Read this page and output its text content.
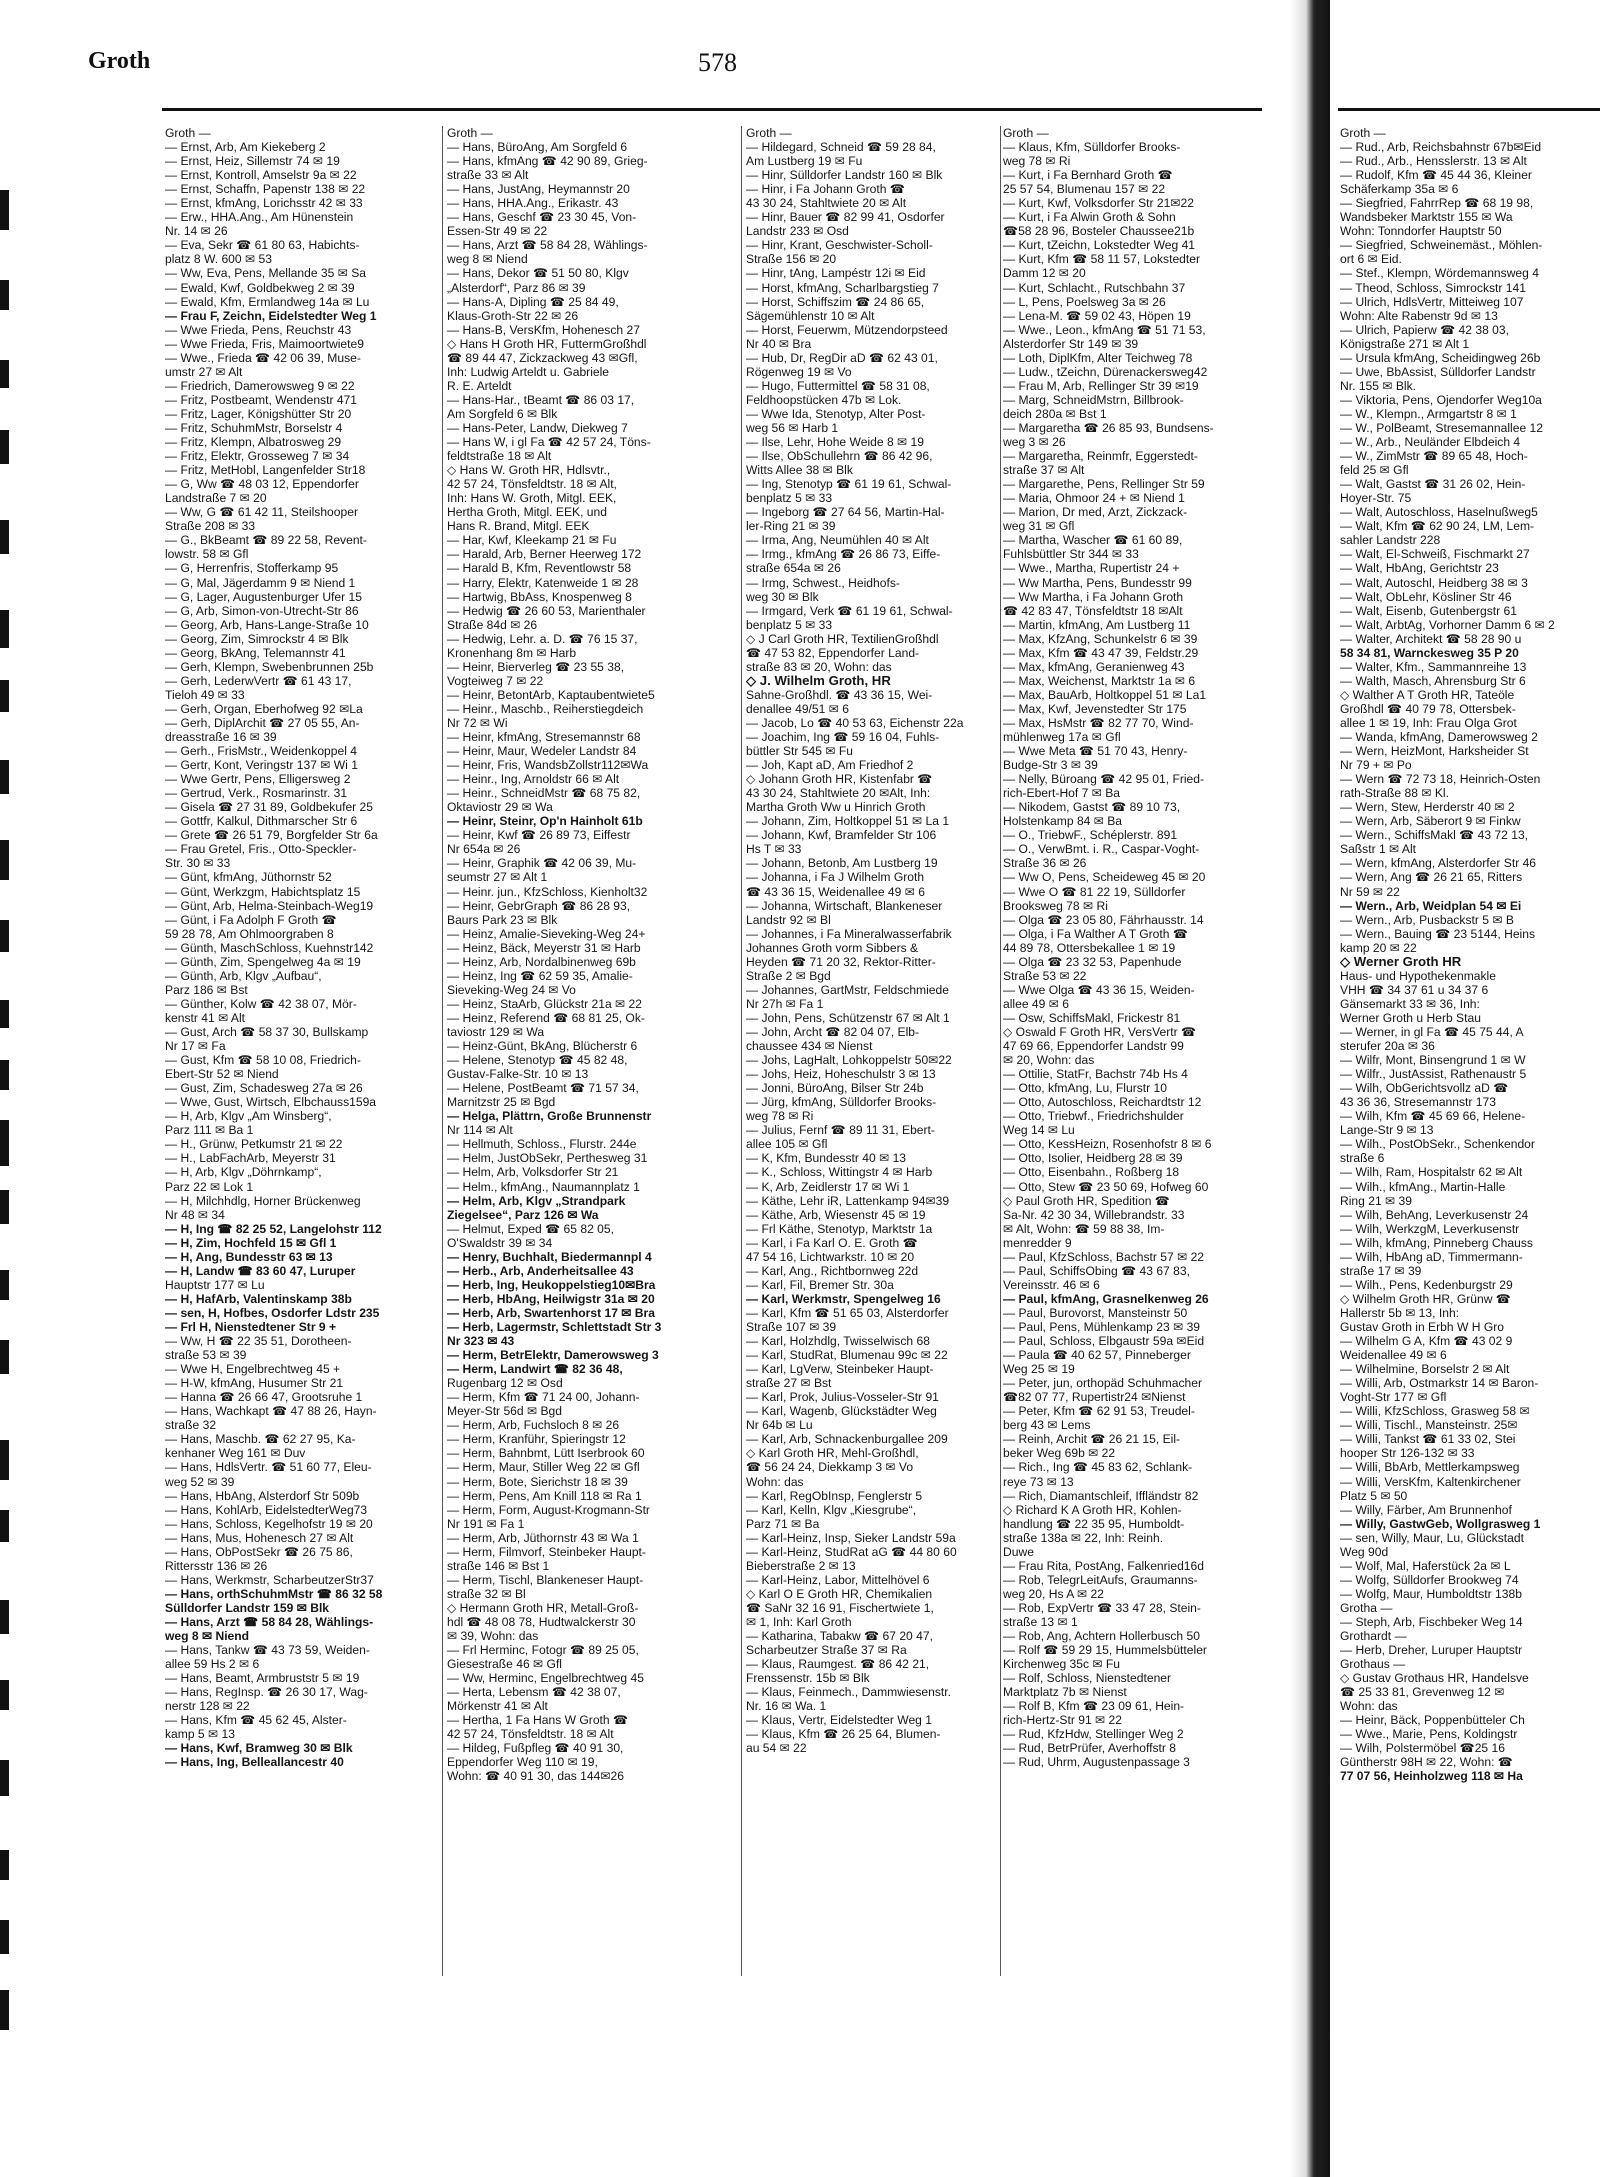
Groth	578
Groth —
— Ernst, Arb, Am Kiekeberg 2
— Ernst, Heiz, Sillemstr 74 ✉ 19
— Ernst, Kontroll, Amselstr 9a ✉ 22
— Ernst, Schaffn, Papenstr 138 ✉ 22
— Ernst, kfmAng, Lorichsstr 42 ✉ 33
— Erw., HHA.Ang., Am Hünenstein
Nr. 14 ✉ 26
— Eva, Sekr ☎ 61 80 63, Habichts-
platz 8 W. 600 ✉ 53
— Ww, Eva, Pens, Mellande 35 ✉ Sa
— Ewald, Kwf, Goldbekweg 2 ✉ 39
— Ewald, Kfm, Ermlandweg 14a ✉ Lu
— Frau F, Zeichn, Eidelstedter Weg 1
— Wwe Frieda, Pens, Reuchstr 43
— Wwe Frieda, Fris, Maimoortwiete9
— Wwe., Frieda ☎ 42 06 39, Muse-
umstr 27 ✉ Alt
— Friedrich, Damerowsweg 9 ✉ 22
— Fritz, Postbeamt, Wendenstr 471
— Fritz, Lager, Königshütter Str 20
— Fritz, SchuhmMstr, Borselstr 4
— Fritz, Klempn, Albatrosweg 29
— Fritz, Elektr, Grosseweg 7 ✉ 34
— Fritz, MetHobl, Langenfelder Str18
— G, Ww ☎ 48 03 12, Eppendorfer
Landstraße 7 ✉ 20
— Ww, G ☎ 61 42 11, Steilshooper
Straße 208 ✉ 33
— G., BkBeamt ☎ 89 22 58, Revent-
lowstr. 58 ✉ Gfl
— G, Herrenfris, Stofferkamp 95
— G, Mal, Jägerdamm 9 ✉ Niend 1
— G, Lager, Augustenburger Ufer 15
— G, Arb, Simon-von-Utrecht-Str 86
— Georg, Arb, Hans-Lange-Straße 10
— Georg, Zim, Simrockstr 4 ✉ Blk
— Georg, BkAng, Telemannstr 41
— Gerh, Klempn, Swebenbrunnen 25b
— Gerh, LederwVertr ☎ 61 43 17,
Tieloh 49 ✉ 33
— Gerh, Organ, Eberhofweg 92 ✉La
— Gerh, DiplArchit ☎ 27 05 55, An-
dreasstraße 16 ✉ 39
— Gerh., FrisMstr., Weidenkoppel 4
— Gertr, Kont, Veringstr 137 ✉ Wi 1
— Wwe Gertr, Pens, Elligersweg 2
— Gertrud, Verk., Rosmarinstr. 31
— Gisela ☎ 27 31 89, Goldbekufer 25
— Gottfr, Kalkul, Dithmarscher Str 6
— Grete ☎ 26 51 79, Borgfelder Str 6a
— Frau Gretel, Fris., Otto-Speckler-
Str. 30 ✉ 33
— Günt, kfmAng, Jüthornstr 52
— Günt, Werkzgm, Habichtsplatz 15
— Günt, Arb, Helma-Steinbach-Weg19
— Günt, i Fa Adolph F Groth ☎
59 28 78, Am Ohlmoorgraben 8
— Günth, MaschSchloss, Kuehnstr142
— Günth, Zim, Spengelweg 4a ✉ 19
— Günth, Arb, Klgv „Aufbau“,
Parz 186 ✉ Bst
— Günther, Kolw ☎ 42 38 07, Mör-
kenstr 41 ✉ Alt
— Gust, Arch ☎ 58 37 30, Bullskamp
Nr 17 ✉ Fa
— Gust, Kfm ☎ 58 10 08, Friedrich-
Ebert-Str 52 ✉ Niend
— Gust, Zim, Schadesweg 27a ✉ 26
— Wwe, Gust, Wirtsch, Elbchauss159a
— H, Arb, Klgv „Am Winsberg“,
Parz 111 ✉ Ba 1
— H., Grünw, Petkumstr 21 ✉ 22
— H., LabFachArb, Meyerstr 31
— H, Arb, Klgv „Döhrnkamp“,
Parz 22 ✉ Lok 1
— H, Milchhdlg, Horner Brückenweg
Nr 48 ✉ 34
— H, Ing ☎ 82 25 52, Langelohstr 112
— H, Zim, Hochfeld 15 ✉ Gfl 1
— H, Ang, Bundesstr 63 ✉ 13
— H, Landw ☎ 83 60 47, Luruper
Hauptstr 177 ✉ Lu
— H, HafArb, Valentinskamp 38b
— sen, H, Hofbes, Osdorfer Ldstr 235
— Frl H, Nienstedtener Str 9 +
— Ww, H ☎ 22 35 51, Dorotheen-
straße 53 ✉ 39
— Wwe H, Engelbrechtweg 45 +
— H-W, kfmAng, Husumer Str 21
— Hanna ☎ 26 66 47, Grootsruhe 1
— Hans, Wachkapt ☎ 47 88 26, Hayn-
straße 32
— Hans, Maschb. ☎ 62 27 95, Ka-
kenhaner Weg 161 ✉ Duv
— Hans, HdlsVertr. ☎ 51 60 77, Eleu-
weg 52 ✉ 39
— Hans, HbAng, Alsterdorf Str 509b
— Hans, KohlArb, EidelstedterWeg73
— Hans, Schloss, Kegelhofstr 19 ✉ 20
— Hans, Mus, Hohenesch 27 ✉ Alt
— Hans, ObPostSekr ☎ 26 75 86,
Rittersstr 136 ✉ 26
— Hans, Werkmstr, ScharbeutzerStr37
— Hans, orthSchuhmMstr ☎ 86 32 58
Sülldorfer Landstr 159 ✉ Blk
— Hans, Arzt ☎ 58 84 28, Wählings-
weg 8 ✉ Niend
— Hans, Tankw ☎ 43 73 59, Weiden-
allee 59 Hs 2 ✉ 6
— Hans, Beamt, Armbruststr 5 ✉ 19
— Hans, RegInsp. ☎ 26 30 17, Wag-
nerstr 128 ✉ 22
— Hans, Kfm ☎ 45 62 45, Alster-
kamp 5 ✉ 13
— Hans, Kwf, Bramweg 30 ✉ Blk
— Hans, Ing, Belleallancestr 40
Groth —
— Hans, BüroAng, Am Sorgfeld 6
— Hans, kfmAng ☎ 42 90 89, Grieg-
straße 33 ✉ Alt
— Hans, JustAng, Heymannstr 20
— Hans, HHA.Ang., Erikastr. 43
— Hans, Geschf ☎ 23 30 45, Von-
Essen-Str 49 ✉ 22
— Hans, Arzt ☎ 58 84 28, Wählings-
weg 8 ✉ Niend
— Hans, Dekor ☎ 51 50 80, Klgv
„Alsterdorf“, Parz 86 ✉ 39
— Hans-A, Dipling ☎ 25 84 49,
Klaus-Groth-Str 22 ✉ 26
— Hans-B, VersKfm, Hohenesch 27
◇ Hans H Groth HR, FuttermGroßhdl
☎ 89 44 47, Zickzackweg 43 ✉Gfl,
Inh: Ludwig Arteldt u. Gabriele
R. E. Arteldt
— Hans-Har., tBeamt ☎ 86 03 17,
Am Sorgfeld 6 ✉ Blk
— Hans-Peter, Landw, Diekweg 7
— Hans W, i gl Fa ☎ 42 57 24, Töns-
feldtstraße 18 ✉ Alt
◇ Hans W. Groth HR, Hdlsvtr.,
42 57 24, Tönsfeldtstr. 18 ✉ Alt,
Inh: Hans W. Groth, Mitgl. EEK,
Hertha Groth, Mitgl. EEK, und
Hans R. Brand, Mitgl. EEK
— Har, Kwf, Kleekamp 21 ✉ Fu
— Harald, Arb, Berner Heerweg 172
— Harald B, Kfm, Reventlowstr 58
— Harry, Elektr, Katenweide 1 ✉ 28
— Hartwig, BbAss, Knospenweg 8
— Hedwig ☎ 26 60 53, Marienthaler
Straße 84d ✉ 26
— Hedwig, Lehr. a. D. ☎ 76 15 37,
Kronenhang 8m ✉ Harb
— Heinr, Bierverleg ☎ 23 55 38,
Vogteiweg 7 ✉ 22
— Heinr, BetontArb, Kaptaubentwiete5
— Heinr., Maschb., Reiherstiegdeich
Nr 72 ✉ Wi
— Heinr, kfmAng, Stresemannstr 68
— Heinr, Maur, Wedeler Landstr 84
— Heinr, Fris, WandsbZollstr112✉Wa
— Heinr., Ing, Arnoldstr 66 ✉ Alt
— Heinr., SchneidMstr ☎ 68 75 82,
Oktaviostr 29 ✉ Wa
— Heinr, Steinr, Op'n Hainholt 61b
— Heinr, Kwf ☎ 26 89 73, Eiffestr
Nr 654a ✉ 26
— Heinr, Graphik ☎ 42 06 39, Mu-
seumstr 27 ✉ Alt 1
— Heinr. jun., KfzSchloss, Kienholt32
— Heinr, GebrGraph ☎ 86 28 93,
Baurs Park 23 ✉ Blk
— Heinz, Amalie-Sieveking-Weg 24+
— Heinz, Bäck, Meyerstr 31 ✉ Harb
— Heinz, Arb, Nordalbinenweg 69b
— Heinz, Ing ☎ 62 59 35, Amalie-
Sieveking-Weg 24 ✉ Vo
— Heinz, StaArb, Glückstr 21a ✉ 22
— Heinz, Referend ☎ 68 81 25, Ok-
taviostr 129 ✉ Wa
— Heinz-Günt, BkAng, Blücherstr 6
— Helene, Stenotyp ☎ 45 82 48,
Gustav-Falke-Str. 10 ✉ 13
— Helene, PostBeamt ☎ 71 57 34,
Marnitzstr 25 ✉ Bgd
— Helga, Plättrn, Große Brunnenstr
Nr 114 ✉ Alt
— Hellmuth, Schloss., Flurstr. 244e
— Helm, JustObSekr, Perthesweg 31
— Helm, Arb, Volksdorfer Str 21
— Helm., kfmAng., Naumannplatz 1
— Helm, Arb, Klgv „Strandpark
Ziegelsee“, Parz 126 ✉ Wa
— Helmut, Exped ☎ 65 82 05,
O'Swaldstr 39 ✉ 34
— Henry, Buchhalt, Biedermannpl 4
— Herb., Arb, Anderheitsallee 43
— Herb, Ing, Heukoppelstieg10✉Bra
— Herb, HbAng, Heilwigstr 31a ✉ 20
— Herb, Arb, Swartenhorst 17 ✉ Bra
— Herb, Lagermstr, Schlettstadt Str 3
Nr 323 ✉ 43
— Herm, BetrElektr, Damerowsweg 3
— Herm, Landwirt ☎ 82 36 48,
Rugenbarg 12 ✉ Osd
— Herm, Kfm ☎ 71 24 00, Johann-
Meyer-Str 56d ✉ Bgd
— Herm, Arb, Fuchsloch 8 ✉ 26
— Herm, Kranführ, Spieringstr 12
— Herm, Bahnbmt, Lütt Iserbrook 60
— Herm, Maur, Stiller Weg 22 ✉ Gfl
— Herm, Bote, Sierichstr 18 ✉ 39
— Herm, Pens, Am Knill 118 ✉ Ra 1
— Herm, Form, August-Krogmann-Str
Nr 191 ✉ Fa 1
— Herm, Arb, Jüthornstr 43 ✉ Wa 1
— Herm, Filmvorf, Steinbeker Haupt-
straße 146 ✉ Bst 1
— Herm, Tischl, Blankeneser Haupt-
straße 32 ✉ Bl
◇ Hermann Groth HR, Metall-Groß-
hdl ☎ 48 08 78, Hudtwalckerstr 30
✉ 39, Wohn: das
— Frl Herminc, Fotogr ☎ 89 25 05,
Giesestraße 46 ✉ Gfl
— Ww, Herminc, Engelbrechtweg 45
— Herta, Lebensm ☎ 42 38 07,
Mörkenstr 41 ✉ Alt
— Hertha, 1 Fa Hans W Groth ☎
42 57 24, Tönsfeldtstr. 18 ✉ Alt
— Hildeg, Fußpfleg ☎ 40 91 30,
Eppendorfer Weg 110 ✉ 19,
Wohn: ☎ 40 91 30, das 144✉26
Groth —
— Hildegard, Schneid ☎ 59 28 84,
Am Lustberg 19 ✉ Fu
— Hinr, Sülldorfer Landstr 160 ✉ Blk
— Hinr, i Fa Johann Groth ☎
43 30 24, Stahltwiete 20 ✉ Alt
— Hinr, Bauer ☎ 82 99 41, Osdorfer
Landstr 233 ✉ Osd
— Hinr, Krant, Geschwister-Scholl-
Straße 156 ✉ 20
— Hinr, tAng, Lampéstr 12i ✉ Eid
— Horst, kfmAng, Scharlbargstieg 7
— Horst, Schiffszim ☎ 24 86 65,
Sägemühlenstr 10 ✉ Alt
— Horst, Feuerwm, Mützendorpsteed
Nr 40 ✉ Bra
— Hub, Dr, RegDir aD ☎ 62 43 01,
Rögenweg 19 ✉ Vo
— Hugo, Futtermittel ☎ 58 31 08,
Feldhoopstücken 47b ✉ Lok.
— Wwe Ida, Stenotyp, Alter Post-
weg 56 ✉ Harb 1
— Ilse, Lehr, Hohe Weide 8 ✉ 19
— Ilse, ObSchullehrn ☎ 86 42 96,
Witts Allee 38 ✉ Blk
— Ing, Stenotyp ☎ 61 19 61, Schwal-
benplatz 5 ✉ 33
— Ingeborg ☎ 27 64 56, Martin-Hal-
ler-Ring 21 ✉ 39
— Irma, Ang, Neumühlen 40 ✉ Alt
— Irmg., kfmAng ☎ 26 86 73, Eiffe-
straße 654a ✉ 26
— Irmg, Schwest., Heidhofs-
weg 30 ✉ Blk
— Irmgard, Verk ☎ 61 19 61, Schwal-
benplatz 5 ✉ 33
◇ J Carl Groth HR, TextilienGroßhdl
☎ 47 53 82, Eppendorfer Land-
straße 83 ✉ 20, Wohn: das
◇ J. Wilhelm Groth, HR
Sahne-Großhdl. ☎ 43 36 15, Wei-
denallee 49/51 ✉ 6
— Jacob, Lo ☎ 40 53 63, Eichenstr 22a
— Joachim, Ing ☎ 59 16 04, Fuhls-
büttler Str 545 ✉ Fu
— Joh, Kapt aD, Am Friedhof 2
◇ Johann Groth HR, Kistenfabr ☎
43 30 24, Stahltwiete 20 ✉Alt, Inh:
Martha Groth Ww u Hinrich Groth
— Johann, Zim, Holtkoppel 51 ✉ La 1
— Johann, Kwf, Bramfelder Str 106
Hs T ✉ 33
— Johann, Betonb, Am Lustberg 19
— Johanna, i Fa J Wilhelm Groth
☎ 43 36 15, Weidenallee 49 ✉ 6
— Johanna, Wirtschaft, Blankeneser
Landstr 92 ✉ Bl
— Johannes, i Fa Mineralwasserfabrik
Johannes Groth vorm Sibbers &
Heyden ☎ 71 20 32, Rektor-Ritter-
Straße 2 ✉ Bgd
— Johannes, GartMstr, Feldschmiede
Nr 27h ✉ Fa 1
— John, Pens, Schützenstr 67 ✉ Alt 1
— John, Archt ☎ 82 04 07, Elb-
chaussee 434 ✉ Nienst
— Johs, LagHalt, Lohkoppelstr 50✉22
— Johs, Heiz, Hoheschulstr 3 ✉ 13
— Jonni, BüroAng, Bilser Str 24b
— Jürg, kfmAng, Sülldorfer Brooks-
weg 78 ✉ Ri
— Julius, Fernf ☎ 89 11 31, Ebert-
allee 105 ✉ Gfl
— K, Kfm, Bundesstr 40 ✉ 13
— K., Schloss, Wittingstr 4 ✉ Harb
— K, Arb, Zeidlerstr 17 ✉ Wi 1
— Käthe, Lehr iR, Lattenkamp 94✉39
— Käthe, Arb, Wiesenstr 45 ✉ 19
— Frl Käthe, Stenotyp, Marktstr 1a
— Karl, i Fa Karl O. E. Groth ☎
47 54 16, Lichtwarkstr. 10 ✉ 20
— Karl, Ang., Richtbornweg 22d
— Karl, Fil, Bremer Str. 30a
— Karl, Werkmstr, Spengelweg 16
— Karl, Kfm ☎ 51 65 03, Alsterdorfer
Straße 107 ✉ 39
— Karl, Holzhdlg, Twisselwisch 68
— Karl, StudRat, Blumenau 99c ✉ 22
— Karl, LgVerw, Steinbeker Haupt-
straße 27 ✉ Bst
— Karl, Prok, Julius-Vosseler-Str 91
— Karl, Wagenb, Glückstädter Weg
Nr 64b ✉ Lu
— Karl, Arb, Schnackenburgallee 209
◇ Karl Groth HR, Mehl-Großhdl,
☎ 56 24 24, Diekkamp 3 ✉ Vo
Wohn: das
— Karl, RegObInsp, Fenglerstr 5
— Karl, Kelln, Klgv „Kiesgrube“,
Parz 71 ✉ Ba
— Karl-Heinz, Insp, Sieker Landstr 59a
— Karl-Heinz, StudRat aG ☎ 44 80 60
Bieberstraße 2 ✉ 13
— Karl-Heinz, Labor, Mittelhövel 6
◇ Karl O E Groth HR, Chemikalien
☎ SaNr 32 16 91, Fischertwiete 1,
✉ 1, Inh: Karl Groth
— Katharina, Tabakw ☎ 67 20 47,
Scharbeutzer Straße 37 ✉ Ra
— Klaus, Raumgest. ☎ 86 42 21,
Frenssenstr. 15b ✉ Blk
— Klaus, Feinmech., Dammwiesenstr.
Nr. 16 ✉ Wa. 1
— Klaus, Vertr, Eidelstedter Weg 1
— Klaus, Kfm ☎ 26 25 64, Blumen-
au 54 ✉ 22
Groth —
— Klaus, Kfm, Sülldorfer Brooks-
weg 78 ✉ Ri
— Kurt, i Fa Bernhard Groth ☎
25 57 54, Blumenau 157 ✉ 22
— Kurt, Kwf, Volksdorfer Str 21✉22
— Kurt, i Fa Alwin Groth & Sohn
☎58 28 96, Bosteler Chaussee21b
— Kurt, tZeichn, Lokstedter Weg 41
— Kurt, Kfm ☎ 58 11 57, Lokstedter
Damm 12 ✉ 20
— Kurt, Schlacht., Rutschbahn 37
— L, Pens, Poelsweg 3a ✉ 26
— Lena-M. ☎ 59 02 43, Höpen 19
— Wwe., Leon., kfmAng ☎ 51 71 53,
Alsterdorfer Str 149 ✉ 39
— Loth, DiplKfm, Alter Teichweg 78
— Ludw., tZeichn, Dürenackersweg42
— Frau M, Arb, Rellinger Str 39 ✉19
— Marg, SchneidMstrn, Billbrook-
deich 280a ✉ Bst 1
— Margaretha ☎ 26 85 93, Bundsens-
weg 3 ✉ 26
— Margaretha, Reinmfr, Eggerstedt-
straße 37 ✉ Alt
— Margarethe, Pens, Rellinger Str 59
— Maria, Ohmoor 24 + ✉ Niend 1
— Marion, Dr med, Arzt, Zickzack-
weg 31 ✉ Gfl
— Martha, Wascher ☎ 61 60 89,
Fuhlsbüttler Str 344 ✉ 33
— Wwe., Martha, Rupertistr 24 +
— Ww Martha, Pens, Bundesstr 99
— Ww Martha, i Fa Johann Groth
☎ 42 83 47, Tönsfeldtstr 18 ✉Alt
— Martin, kfmAng, Am Lustberg 11
— Max, KfzAng, Schunkelstr 6 ✉ 39
— Max, Kfm ☎ 43 47 39, Feldstr.29
— Max, kfmAng, Geranienweg 43
— Max, Weichenst, Marktstr 1a ✉ 6
— Max, BauArb, Holtkoppel 51 ✉ La1
— Max, Kwf, Jevenstedter Str 175
— Max, HsMstr ☎ 82 77 70, Wind-
mühlenweg 17a ✉ Gfl
— Wwe Meta ☎ 51 70 43, Henry-
Budge-Str 3 ✉ 39
— Nelly, Büroang ☎ 42 95 01, Fried-
rich-Ebert-Hof 7 ✉ Ba
— Nikodem, Gastst ☎ 89 10 73,
Holstenkamp 84 ✉ Ba
— O., TriebwF., Schéplerstr. 891
— O., VerwBmt. i. R., Caspar-Voght-
Straße 36 ✉ 26
— Ww O, Pens, Scheideweg 45 ✉ 20
— Wwe O ☎ 81 22 19, Sülldorfer
Brooksweg 78 ✉ Ri
— Olga ☎ 23 05 80, Fährhausstr. 14
— Olga, i Fa Walther A T Groth ☎
44 89 78, Ottersbekallee 1 ✉ 19
— Olga ☎ 23 32 53, Papenhude
Straße 53 ✉ 22
— Wwe Olga ☎ 43 36 15, Weiden-
allee 49 ✉ 6
— Osw, SchiffsMakl, Frickestr 81
◇ Oswald F Groth HR, VersVertr ☎
47 69 66, Eppendorfer Landstr 99
✉ 20, Wohn: das
— Ottilie, StatFr, Bachstr 74b Hs 4
— Otto, kfmAng, Lu, Flurstr 10
— Otto, Autoschloss, Reichardtstr 12
— Otto, Triebwf., Friedrichshulder
Weg 14 ✉ Lu
— Otto, KessHeizn, Rosenhofstr 8 ✉ 6
— Otto, Isolier, Heidberg 28 ✉ 39
— Otto, Eisenbahn., Roßberg 18
— Otto, Stew ☎ 23 50 69, Hofweg 60
◇ Paul Groth HR, Spedition ☎
Sa-Nr. 42 30 34, Willebrandstr. 33
✉ Alt, Wohn: ☎ 59 88 38, Im-
menredder 9
— Paul, KfzSchloss, Bachstr 57 ✉ 22
— Paul, SchiffsObing ☎ 43 67 83,
Vereinsstr. 46 ✉ 6
— Paul, kfmAng, Grasnelkenweg 26
— Paul, Burovorst, Mansteinstr 50
— Paul, Pens, Mühlenkamp 23 ✉ 39
— Paul, Schloss, Elbgaustr 59a ✉Eid
— Paula ☎ 40 62 57, Pinneberger
Weg 25 ✉ 19
— Peter, jun, orthopäd Schuhmacher
☎82 07 77, Rupertistr24 ✉Nienst
— Peter, Kfm ☎ 62 91 53, Treudel-
berg 43 ✉ Lems
— Reinh, Archit ☎ 26 21 15, Eil-
beker Weg 69b ✉ 22
— Rich., Ing ☎ 45 83 62, Schlank-
reye 73 ✉ 13
— Rich, Diamantschleif, Iffländstr 82
◇ Richard K A Groth HR, Kohlen-
handlung ☎ 22 35 95, Humboldt-
straße 138a ✉ 22, Inh: Reinh.
Duwe
— Frau Rita, PostAng, Falkenried16d
— Rob, TelegrLeitAufs, Graumanns-
weg 20, Hs A ✉ 22
— Rob, ExpVertr ☎ 33 47 28, Stein-
straße 13 ✉ 1
— Rob, Ang, Achtern Hollerbusch 50
— Rolf ☎ 59 29 15, Hummelsbütteler
Kirchenweg 35c ✉ Fu
— Rolf, Schloss, Nienstedtener
Marktplatz 7b ✉ Nienst
— Rolf B, Kfm ☎ 23 09 61, Hein-
rich-Hertz-Str 91 ✉ 22
— Rud, KfzHdw, Stellinger Weg 2
— Rud, BetrPrüfer, Averhoffstr 8
— Rud, Uhrm, Augustenpassage 3
Groth —
— Rud., Arb, Reichsbahnstr 67b✉Eid
— Rud., Arb., Hensslerstr. 13 ✉ Alt
— Rudolf, Kfm ☎ 45 44 36, Kleiner
Schäferkamp 35a ✉ 6
— Siegfried, FahrrRep ☎ 68 19 98,
Wandsbeker Marktstr 155 ✉ Wa
Wohn: Tonndorfer Hauptstr 50
— Siegfried, Schweinemäst., Möhlen-
ort 6 ✉ Eid.
— Stef., Klempn, Wördemannsweg 4
— Theod, Schloss, Simrockstr 141
— Ulrich, HdlsVertr, Mitteiweg 107
Wohn: Alte Rabenstr 9d ✉ 13
— Ulrich, Papierw ☎ 42 38 03,
Königstraße 271 ✉ Alt 1
— Ursula kfmAng, Scheidingweg 26b
— Uwe, BbAssist, Sülldorfer Landstr
Nr. 155 ✉ Blk.
— Viktoria, Pens, Ojendorfer Weg10a
— W., Klempn., Armgartstr 8 ✉ 1
— W., PolBeamt, Stresemannallee 12
— W., Arb., Neuländer Elbdeich 4
— W., ZimMstr ☎ 89 65 48, Hoch-
feld 25 ✉ Gfl
— Walt, Gastst ☎ 31 26 02, Hein-
Hoyer-Str. 75
— Walt, Autoschloss, Haselnußweg5
— Walt, Kfm ☎ 62 90 24, LM, Lem-
sahler Landstr 228
— Walt, El-Schweiß, Fischmarkt 27
— Walt, HbAng, Gerichtstr 23
— Walt, Autoschl, Heidberg 38 ✉ 3
— Walt, ObLehr, Kösliner Str 46
— Walt, Eisenb, Gutenbergstr 61
— Walt, ArbtAg, Vorhorner Damm 6 ✉ 2
— Walter, Architekt ☎ 58 28 90 u
58 34 81, Warnckesweg 35 P 20
— Walter, Kfm., Sammannreihe 13
— Walth, Masch, Ahrensburg Str 6
◇ Walther A T Groth HR, Tateöle
Großhdl ☎ 40 79 78, Ottersbek-
allee 1 ✉ 19, Inh: Frau Olga Grot
— Wanda, kfmAng, Damerowsweg 2
— Wern, HeizMont, Harksheider St
Nr 79 + ✉ Po
— Wern ☎ 72 73 18, Heinrich-Osten
rath-Straße 88 ✉ Kl.
— Wern, Stew, Herderstr 40 ✉ 2
— Wern, Arb, Säberort 9 ✉ Finkw
— Wern., SchiffsMakl ☎ 43 72 13,
Saßstr 1 ✉ Alt
— Wern, kfmAng, Alsterdorfer Str 46
— Wern, Ang ☎ 26 21 65, Ritters
Nr 59 ✉ 22
— Wern., Arb, Weidplan 54 ✉ Ei
— Wern., Arb, Pusbackstr 5 ✉ B
— Wern., Bauing ☎ 23 5144, Heins
kamp 20 ✉ 22
◇ Werner Groth HR
Haus- und Hypothekenmakle
VHH ☎ 34 37 61 u 34 37 6
Gänsemarkt 33 ✉ 36, Inh:
Werner Groth u Herb Stau
— Werner, in gl Fa ☎ 45 75 44, A
sterufer 20a ✉ 36
— Wilfr, Mont, Binsengrund 1 ✉ W
— Wilfr., JustAssist, Rathenaustr 5
— Wilh, ObGerichtsvollz aD ☎
43 36 36, Stresemannstr 173
— Wilh, Kfm ☎ 45 69 66, Helene-
Lange-Str 9 ✉ 13
— Wilh., PostObSekr., Schenkendor
straße 6
— Wilh, Ram, Hospitalstr 62 ✉ Alt
— Wilh., kfmAng., Martin-Halle
Ring 21 ✉ 39
— Wilh, BehAng, Leverkusenstr 24
— Wilh, WerkzgM, Leverkusenstr
— Wilh, kfmAng, Pinneberg Chauss
— Wilh, HbAng aD, Timmermann-
straße 17 ✉ 39
— Wilh., Pens, Kedenburgstr 29
◇ Wilhelm Groth HR, Grünw ☎
Hallerstr 5b ✉ 13, Inh:
Gustav Groth in Erbh W H Gro
— Wilhelm G A, Kfm ☎ 43 02 9
Weidenallee 49 ✉ 6
— Wilhelmine, Borselstr 2 ✉ Alt
— Willi, Arb, Ostmarkstr 14 ✉ Baron-
Voght-Str 177 ✉ Gfl
— Willi, KfzSchloss, Grasweg 58 ✉
— Willi, Tischl., Mansteinstr. 25✉
— Willi, Tankst ☎ 61 33 02, Stei
hooper Str 126-132 ✉ 33
— Willi, BbArb, Mettlerkampsweg
— Willi, VersKfm, Kaltenkirchener
Platz 5 ✉ 50
— Willy, Färber, Am Brunnenhof
— Willy, GastwGeb, Wollgrasweg 1
— sen, Willy, Maur, Lu, Glückstadt
Weg 90d
— Wolf, Mal, Haferstück 2a ✉ L
— Wolfg, Sülldorfer Brookweg 74
— Wolfg, Maur, Humboldtstr 138b
Grotha —
— Steph, Arb, Fischbeker Weg 14
Grothardt —
— Herb, Dreher, Luruper Hauptstr
Grothaus —
◇ Gustav Grothaus HR, Handelsve
☎ 25 33 81, Grevenweg 12 ✉
Wohn: das
— Heinr, Bäck, Poppenbütteler Ch
— Wwe., Marie, Pens, Koldingstr
— Wilh, Polstermöbel ☎25 16
Güntherstr 98H ✉ 22, Wohn: ☎
77 07 56, Heinholzweg 118 ✉ Ha
